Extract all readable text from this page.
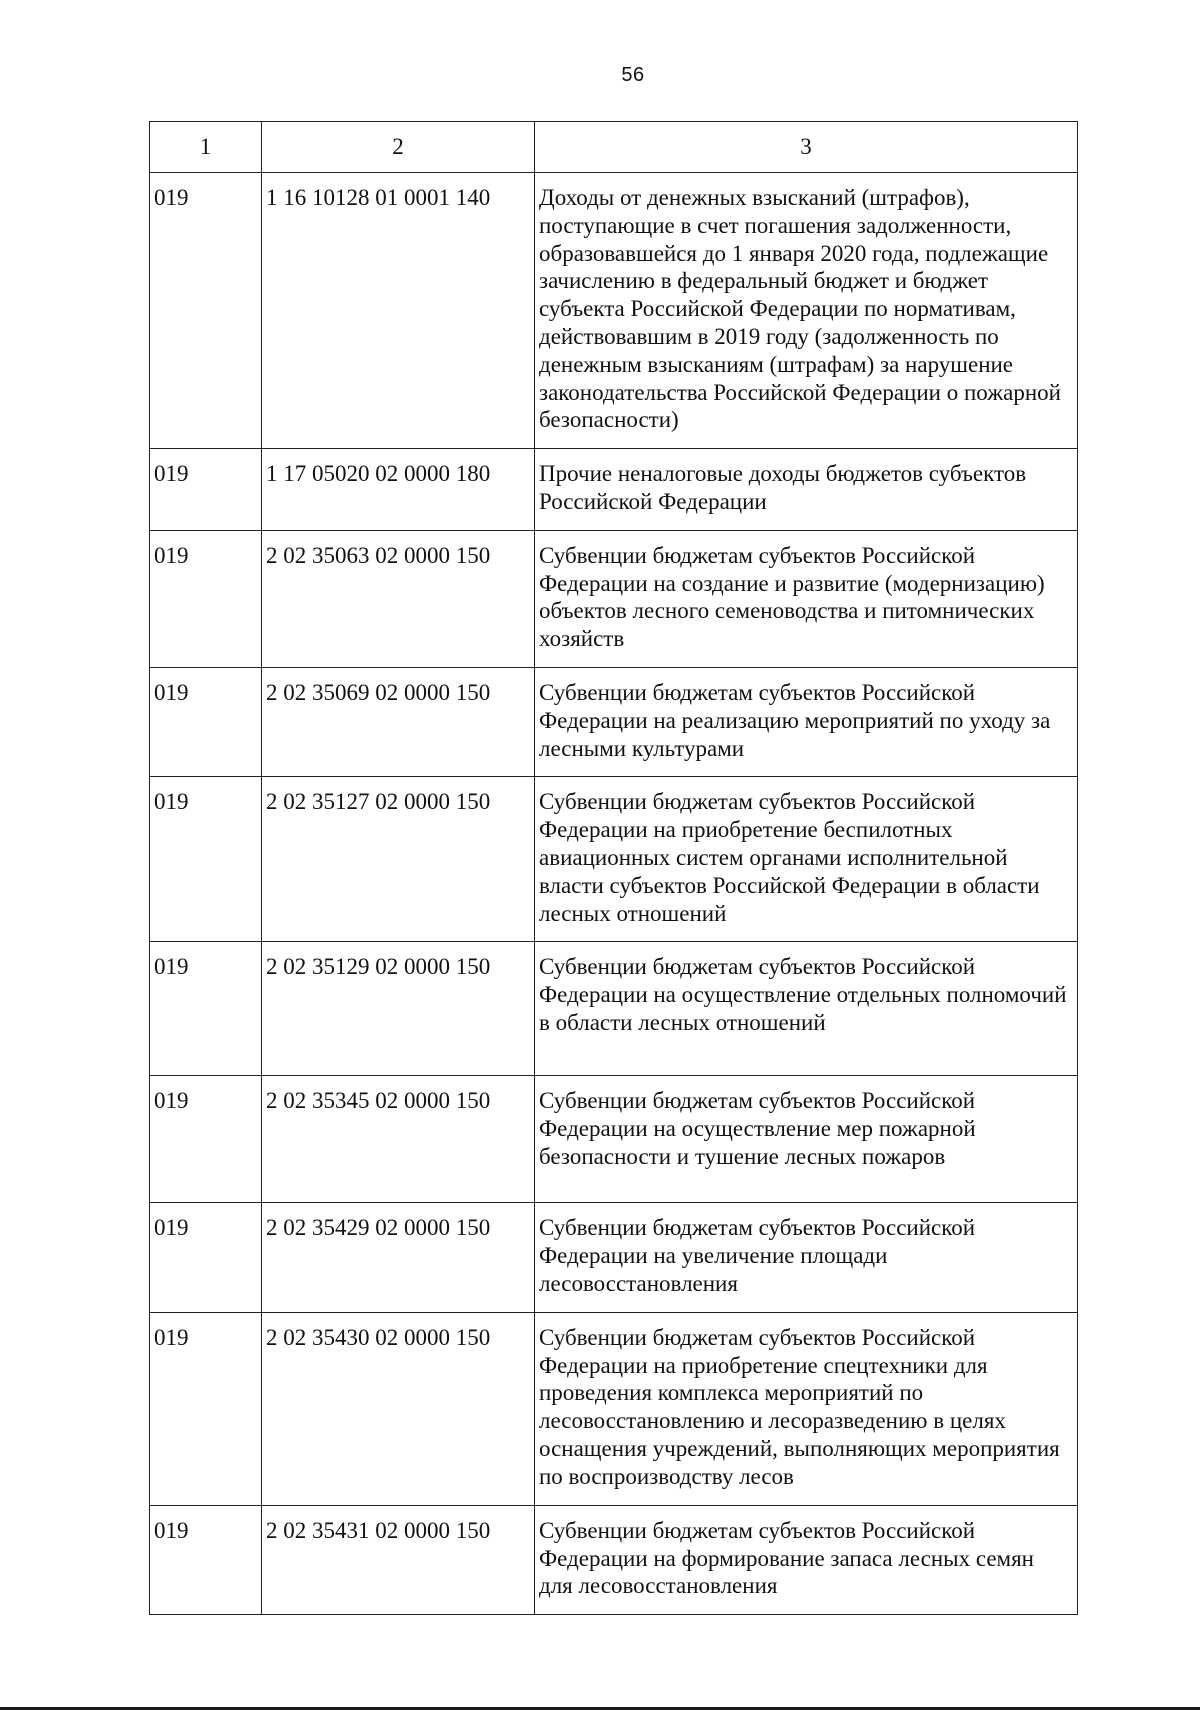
56
1	2	3
019	1 16 10128 01 0001 140	Доходы от денежных взысканий (штрафов), поступающие в счет погашения задолженности, образовавшейся до 1 января 2020 года, подлежащие зачислению в федеральный бюджет и бюджет субъекта Российской Федерации по нормативам, действовавшим в 2019 году (задолженность по денежным взысканиям (штрафам) за нарушение законодательства Российской Федерации о пожарной безопасности)
019	1 17 05020 02 0000 180	Прочие неналоговые доходы бюджетов субъектов Российской Федерации
019	2 02 35063 02 0000 150	Субвенции бюджетам субъектов Российской Федерации на создание и развитие (модернизацию) объектов лесного семеноводства и питомнических хозяйств
019	2 02 35069 02 0000 150	Субвенции бюджетам субъектов Российской Федерации на реализацию мероприятий по уходу за лесными культурами
019	2 02 35127 02 0000 150	Субвенции бюджетам субъектов Российской Федерации на приобретение беспилотных авиационных систем органами исполнительной власти субъектов Российской Федерации в области лесных отношений
019	2 02 35129 02 0000 150	Субвенции бюджетам субъектов Российской Федерации на осуществление отдельных полномочий в области лесных отношений
019	2 02 35345 02 0000 150	Субвенции бюджетам субъектов Российской Федерации на осуществление мер пожарной безопасности и тушение лесных пожаров
019	2 02 35429 02 0000 150	Субвенции бюджетам субъектов Российской Федерации на увеличение площади лесовосстановления
019	2 02 35430 02 0000 150	Субвенции бюджетам субъектов Российской Федерации на приобретение спецтехники для проведения комплекса мероприятий по лесовосстановлению и лесоразведению в целях оснащения учреждений, выполняющих мероприятия по воспроизводству лесов
019	2 02 35431 02 0000 150	Субвенции бюджетам субъектов Российской Федерации на формирование запаса лесных семян для лесовосстановления
